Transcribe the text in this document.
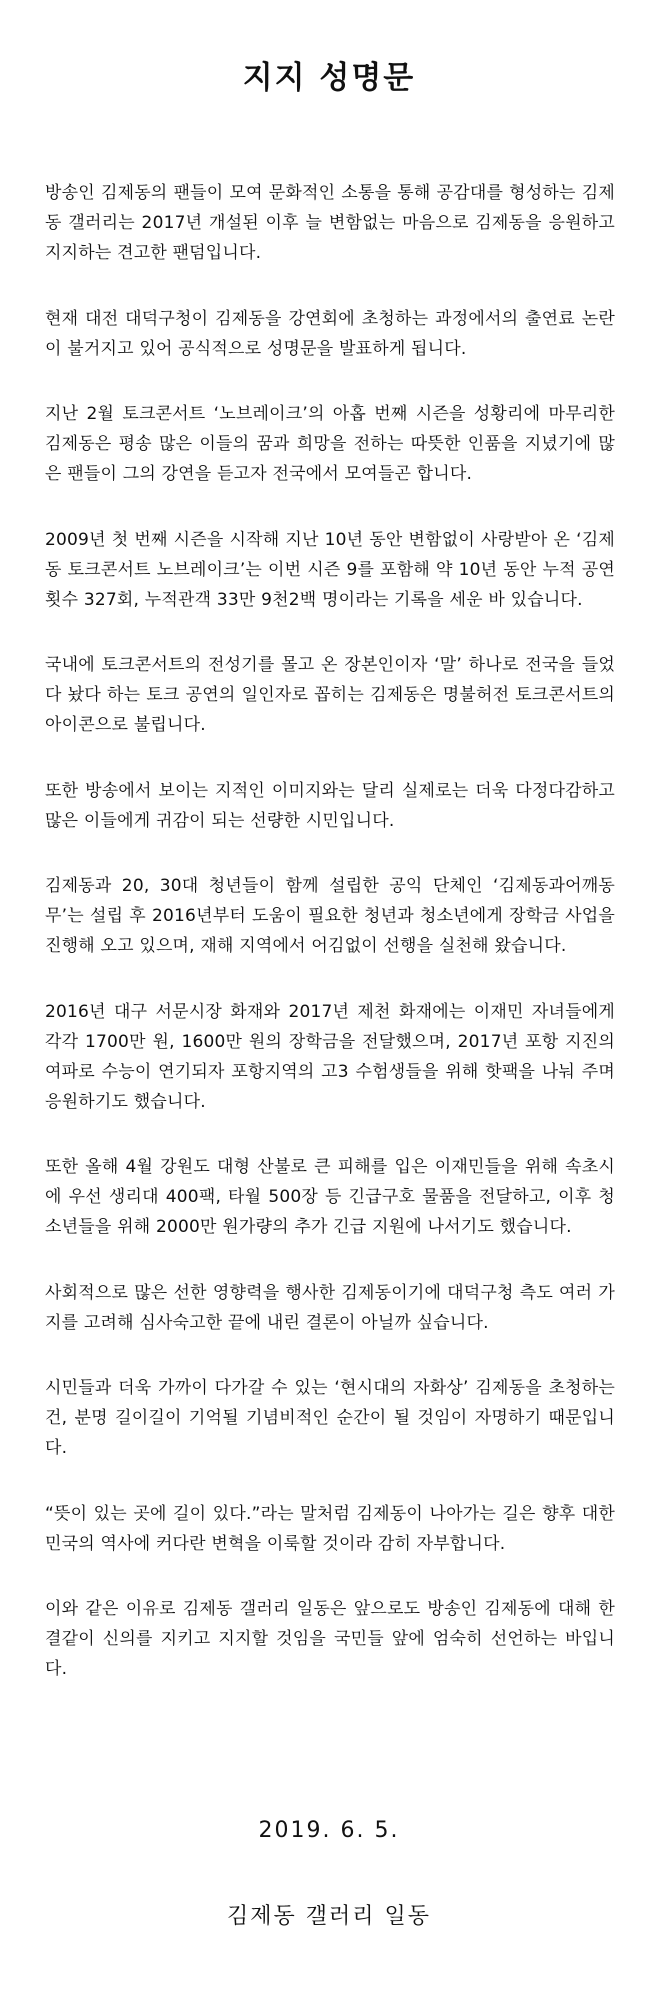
지지 성명문

방송인 김제동의 팬들이 모여 문화적인 소통을 통해 공감대를 형성하는 김제동 갤러리는 2017년 개설된 이후 늘 변함없는 마음으로 김제동을 응원하고 지지하는 견고한 팬덤입니다.

현재 대전 대덕구청이 김제동을 강연회에 초청하는 과정에서의 출연료 논란이 불거지고 있어 공식적으로 성명문을 발표하게 됩니다.

지난 2월 토크콘서트 ‘노브레이크’의 아홉 번째 시즌을 성황리에 마무리한 김제동은 평송 많은 이들의 꿈과 희망을 전하는 따뜻한 인품을 지녔기에 많은 팬들이 그의 강연을 듣고자 전국에서 모여들곤 합니다.

2009년 첫 번째 시즌을 시작해 지난 10년 동안 변함없이 사랑받아 온 ‘김제동 토크콘서트 노브레이크’는 이번 시즌 9를 포함해 약 10년 동안 누적 공연 횟수 327회, 누적관객 33만 9천2백 명이라는 기록을 세운 바 있습니다.

국내에 토크콘서트의 전성기를 몰고 온 장본인이자 ‘말’ 하나로 전국을 들었다 놨다 하는 토크 공연의 일인자로 꼽히는 김제동은 명불허전 토크콘서트의 아이콘으로 불립니다.

또한 방송에서 보이는 지적인 이미지와는 달리 실제로는 더욱 다정다감하고 많은 이들에게 귀감이 되는 선량한 시민입니다.

김제동과 20, 30대 청년들이 함께 설립한 공익 단체인 ‘김제동과어깨동무’는 설립 후 2016년부터 도움이 필요한 청년과 청소년에게 장학금 사업을 진행해 오고 있으며, 재해 지역에서 어김없이 선행을 실천해 왔습니다.

2016년 대구 서문시장 화재와 2017년 제천 화재에는 이재민 자녀들에게 각각 1700만 원, 1600만 원의 장학금을 전달했으며, 2017년 포항 지진의 여파로 수능이 연기되자 포항지역의 고3 수험생들을 위해 핫팩을 나눠 주며 응원하기도 했습니다.

또한 올해 4월 강원도 대형 산불로 큰 피해를 입은 이재민들을 위해 속초시에 우선 생리대 400팩, 타월 500장 등 긴급구호 물품을 전달하고, 이후 청소년들을 위해 2000만 원가량의 추가 긴급 지원에 나서기도 했습니다.

사회적으로 많은 선한 영향력을 행사한 김제동이기에 대덕구청 측도 여러 가지를 고려해 심사숙고한 끝에 내린 결론이 아닐까 싶습니다.

시민들과 더욱 가까이 다가갈 수 있는 ‘현시대의 자화상’ 김제동을 초청하는 건, 분명 길이길이 기억될 기념비적인 순간이 될 것임이 자명하기 때문입니다.

“뜻이 있는 곳에 길이 있다.”라는 말처럼 김제동이 나아가는 길은 향후 대한민국의 역사에 커다란 변혁을 이룩할 것이라 감히 자부합니다.

이와 같은 이유로 김제동 갤러리 일동은 앞으로도 방송인 김제동에 대해 한결같이 신의를 지키고 지지할 것임을 국민들 앞에 엄숙히 선언하는 바입니다.

2019. 6. 5.
김제동 갤러리 일동
